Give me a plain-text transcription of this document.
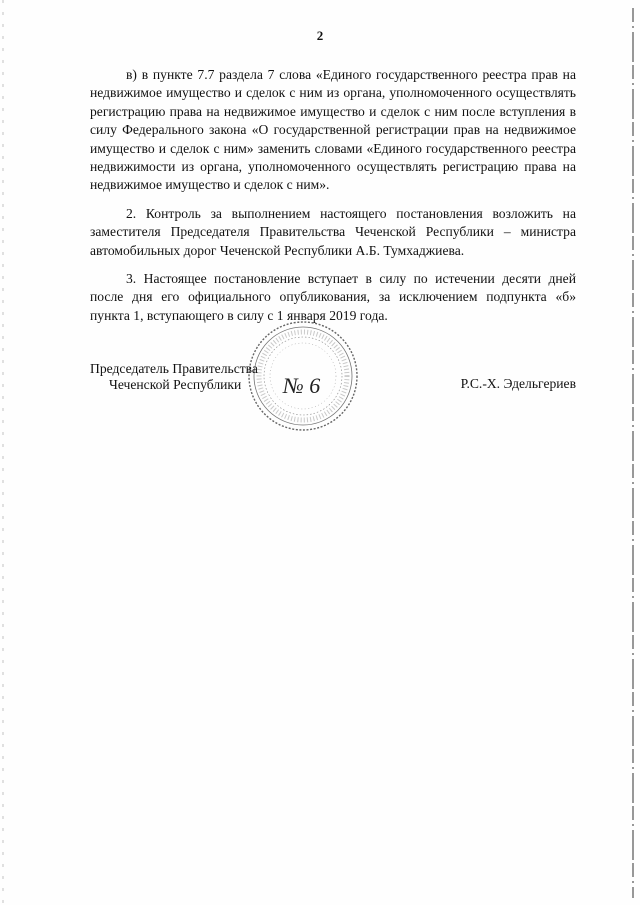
2

в) в пункте 7.7 раздела 7 слова «Единого государственного реестра прав на недвижимое имущество и сделок с ним из органа, уполномоченного осуществлять регистрацию права на недвижимое имущество и сделок с ним после вступления в силу Федерального закона «О государственной регистрации прав на недвижимое имущество и сделок с ним» заменить словами «Единого государственного реестра недвижимости из органа, уполномоченного осуществлять регистрацию права на недвижимое имущество и сделок с ним».

2. Контроль за выполнением настоящего постановления возложить на заместителя Председателя Правительства Чеченской Республики – министра автомобильных дорог Чеченской Республики А.Б. Тумхаджиева.

3. Настоящее постановление вступает в силу по истечении десяти дней после дня его официального опубликования, за исключением подпункта «б» пункта 1, вступающего в силу с 1 января 2019 года.

№ 6
Председатель Правительства
Чеченской Республики	Р.С.-Х. Эдельгериев
